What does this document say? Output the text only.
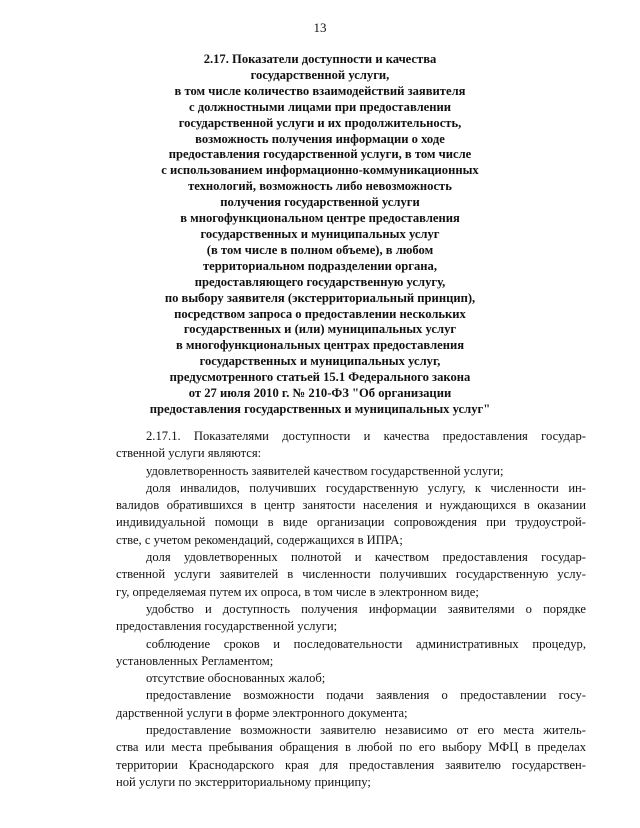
13
2.17. Показатели доступности и качества
государственной услуги,
в том числе количество взаимодействий заявителя
с должностными лицами при предоставлении
государственной услуги и их продолжительность,
возможность получения информации о ходе
предоставления государственной услуги, в том числе
с использованием информационно-коммуникационных
технологий, возможность либо невозможность
получения государственной услуги
в многофункциональном центре предоставления
государственных и муниципальных услуг
(в том числе в полном объеме), в любом
территориальном подразделении органа,
предоставляющего государственную услугу,
по выбору заявителя (экстерриториальный принцип),
посредством запроса о предоставлении нескольких
государственных и (или) муниципальных услуг
в многофункциональных центрах предоставления
государственных и муниципальных услуг,
предусмотренного статьей 15.1 Федерального закона
от 27 июля 2010 г. № 210-ФЗ "Об организации
предоставления государственных и муниципальных услуг"
2.17.1. Показателями доступности и качества предоставления государ-
ственной услуги являются:
удовлетворенность заявителей качеством государственной услуги;
доля инвалидов, получивших государственную услугу, к численности ин-
валидов обратившихся в центр занятости населения и нуждающихся в оказании
индивидуальной помощи в виде организации сопровождения при трудоустрой-
стве, с учетом рекомендаций, содержащихся в ИПРА;
доля удовлетворенных полнотой и качеством предоставления государ-
ственной услуги заявителей в численности получивших государственную услу-
гу, определяемая путем их опроса, в том числе в электронном виде;
удобство и доступность получения информации заявителями о порядке
предоставления государственной услуги;
соблюдение сроков и последовательности административных процедур,
установленных Регламентом;
отсутствие обоснованных жалоб;
предоставление возможности подачи заявления о предоставлении госу-
дарственной услуги в форме электронного документа;
предоставление возможности заявителю независимо от его места житель-
ства или места пребывания обращения в любой по его выбору МФЦ в пределах
территории Краснодарского края для предоставления заявителю государствен-
ной услуги по экстерриториальному принципу;
